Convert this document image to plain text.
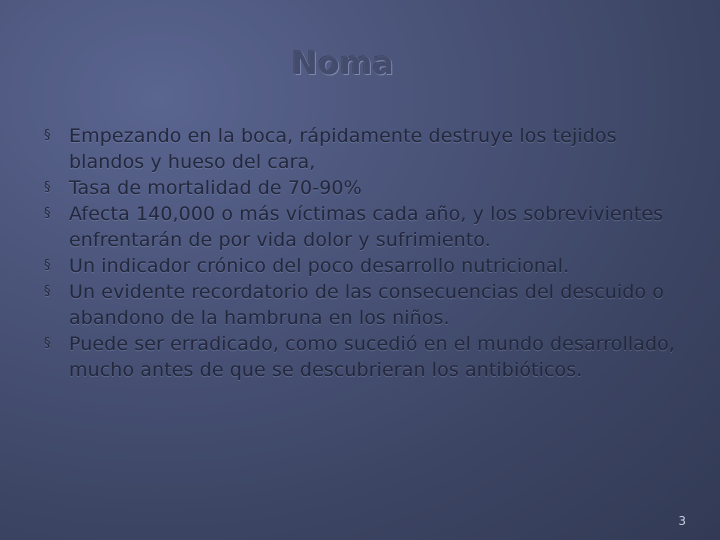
Noma
§ Empezando en la boca, rápidamente destruye los tejidos blandos y hueso del cara,
§ Tasa de mortalidad de 70-90%
§ Afecta 140,000 o más víctimas cada año, y los sobrevivientes enfrentarán de por vida dolor y sufrimiento.
§ Un indicador crónico del poco desarrollo nutricional.
§ Un evidente recordatorio de las consecuencias del descuido o abandono de la hambruna en los niños.
§ Puede ser erradicado, como sucedió en el mundo desarrollado, mucho antes de que se descubrieran los antibióticos.
3
